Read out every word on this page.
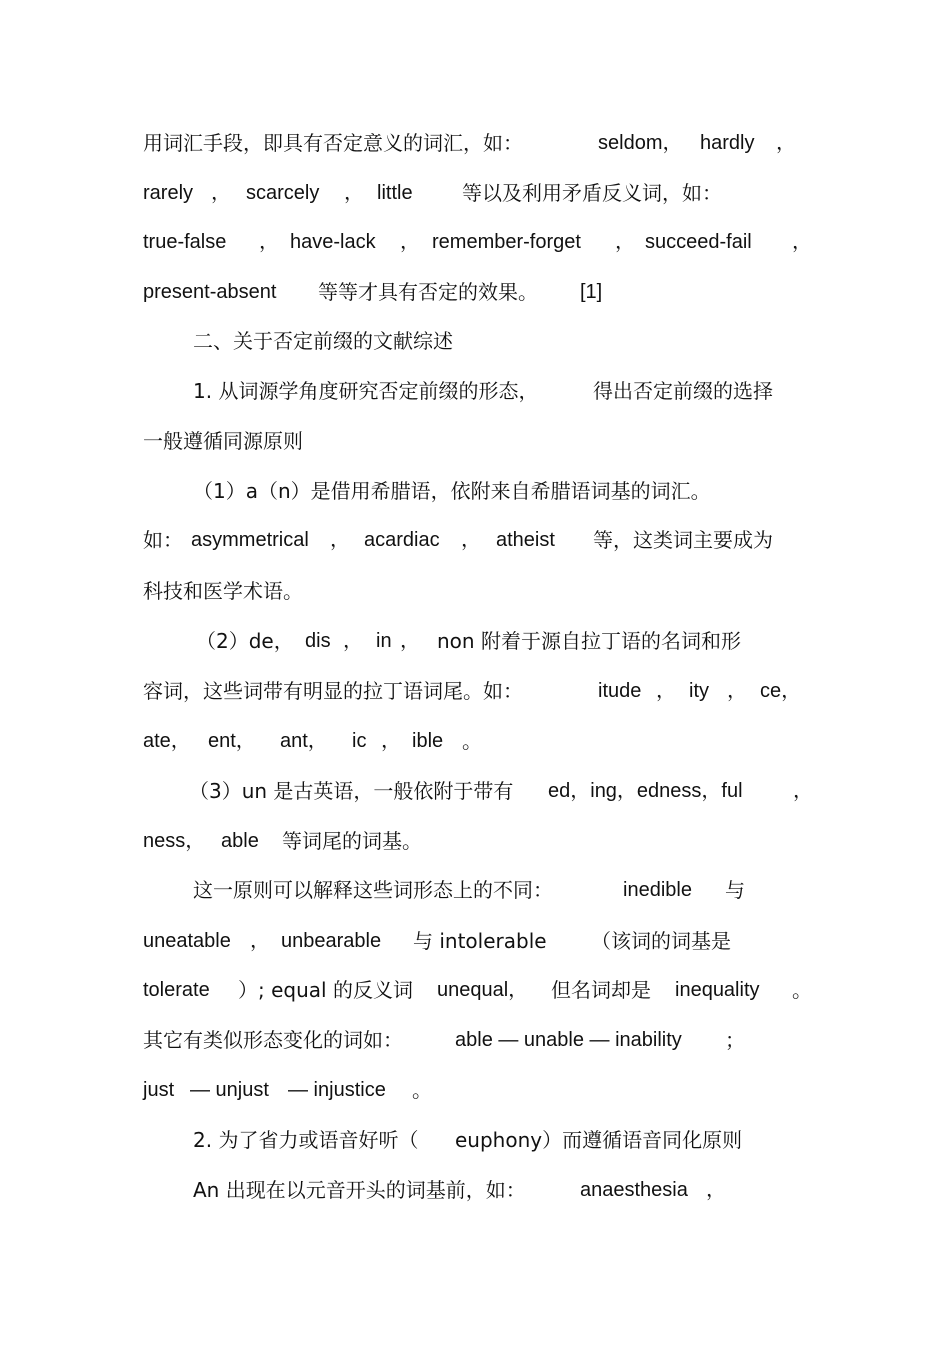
用词汇手段，即具有否定意义的词汇，如：	seldom， hardly ，
rarely ， scarcely ， little 等以及利用矛盾反义词，如：
true-false ， have-lack ， remember-forget ， succeed-fail ，
present-absent 等等才具有否定的效果。 [1]
二、关于否定前缀的文献综述
1. 从词源学角度研究否定前缀的形态，	得出否定前缀的选择
一般遵循同源原则
（1）a（n）是借用希腊语，依附来自希腊语词基的词汇。
如： asymmetrical ， acardiac ， atheist 等，这类词主要成为
科技和医学术语。
（2）de， dis ， in ， non 附着于源自拉丁语的名词和形
容词，这些词带有明显的拉丁语词尾。如：	itude ， ity ， ce，
ate， ent， ant， ic ， ible 。
（3）un 是古英语，一般依附于带有 ed，ing，edness，ful	，
ness， able 等词尾的词基。
这一原则可以解释这些词形态上的不同：	inedible 与
uneatable ， unbearable 与 intolerable （该词的词基是
tolerate ）; equal 的反义词 unequal， 但名词却是 inequality 。
其它有类似形态变化的词如：	able — unable — inability ；
just — unjust — injustice 。
2. 为了省力或语音好听（ euphony）而遵循语音同化原则
An 出现在以元音开头的词基前，如：	anaesthesia ，
